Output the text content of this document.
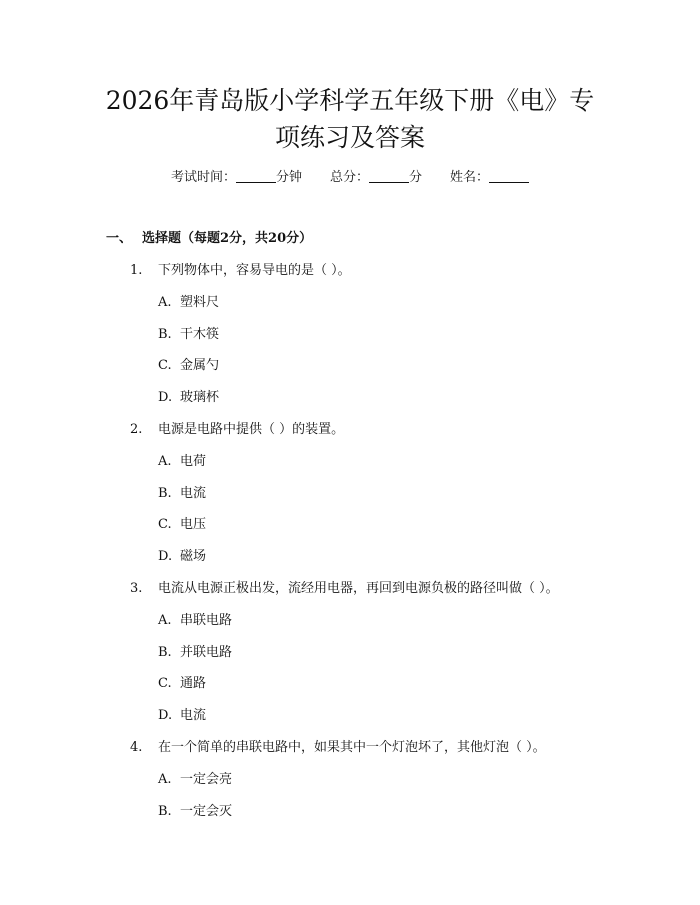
2026年青岛版小学科学五年级下册《电》专
项练习及答案
考试时间：	分钟 总分：	分 姓名：
一、 选择题（每题2分，共20分）
1. 下列物体中，容易导电的是（ ）。
A. 塑料尺
B. 干木筷
C. 金属勺
D. 玻璃杯
2. 电源是电路中提供（ ）的装置。
A. 电荷
B. 电流
C. 电压
D. 磁场
3. 电流从电源正极出发，流经用电器，再回到电源负极的路径叫做（ ）。
A. 串联电路
B. 并联电路
C. 通路
D. 电流
4. 在一个简单的串联电路中，如果其中一个灯泡坏了，其他灯泡（ ）。
A. 一定会亮
B. 一定会灭
